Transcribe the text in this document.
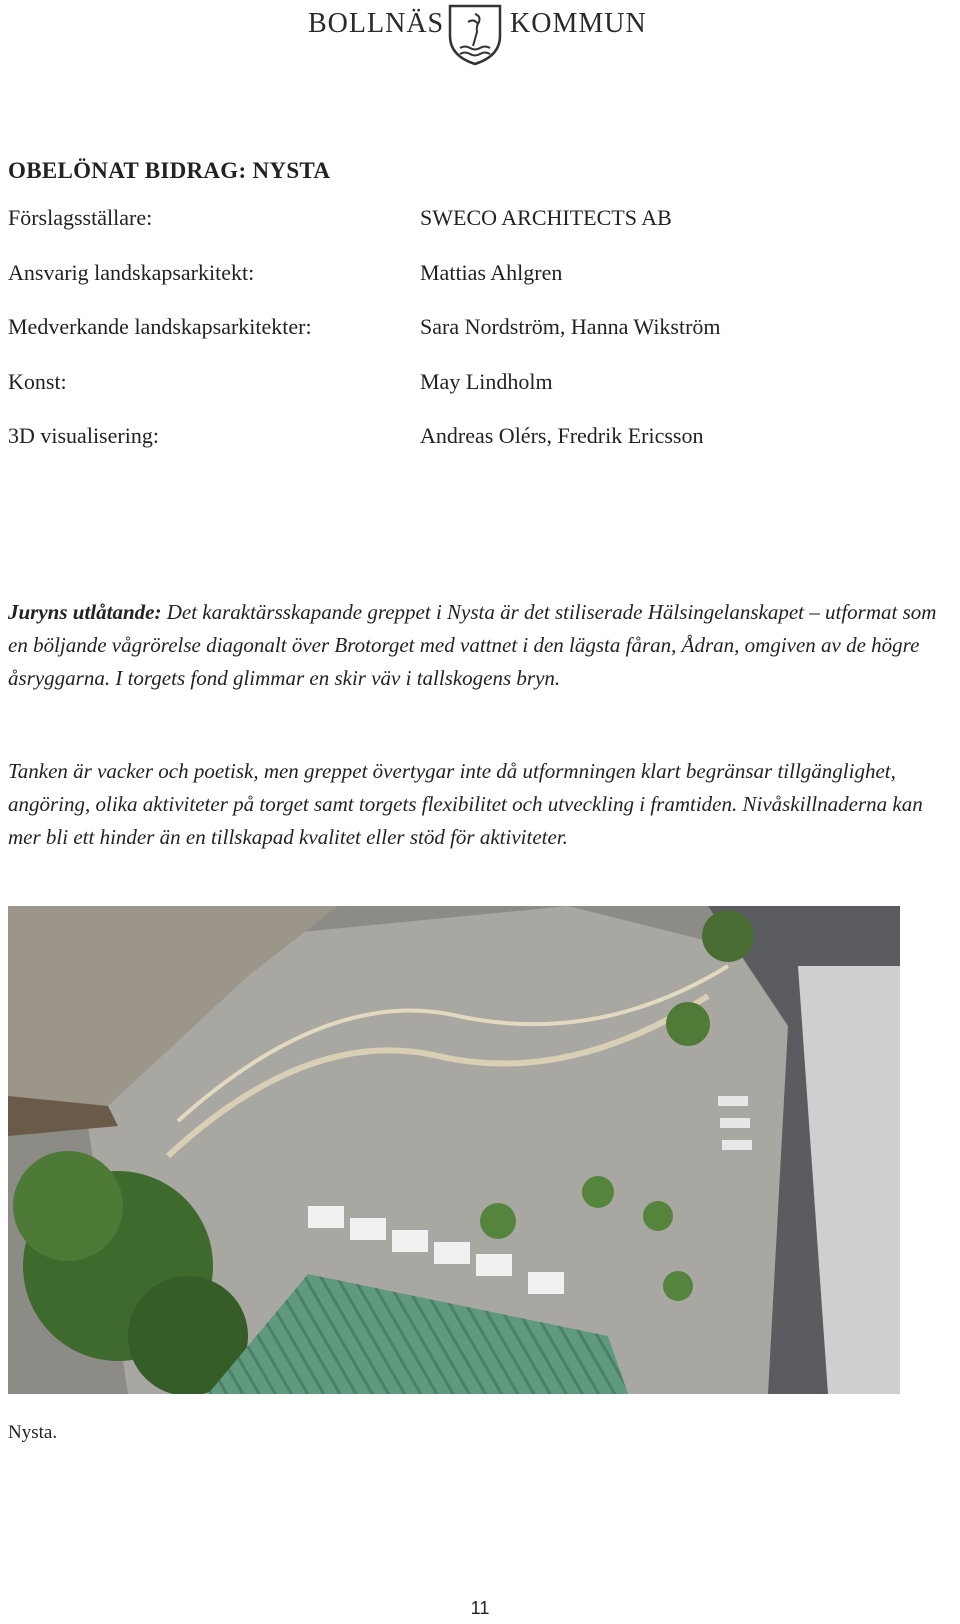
BOLLNÄS KOMMUN
OBELÖNAT BIDRAG: NYSTA
Förslagsställare:	SWECO ARCHITECTS AB
Ansvarig landskapsarkitekt:	Mattias Ahlgren
Medverkande landskapsarkitekter:	Sara Nordström, Hanna Wikström
Konst:	May Lindholm
3D visualisering:	Andreas Olérs, Fredrik Ericsson

Juryns utlåtande: Det karaktärsskapande greppet i Nysta är det stiliserade Hälsingelanskapet – utformat som en böljande vågrörelse diagonalt över Brotorget med vattnet i den lägsta fåran, Ådran, omgiven av de högre åsryggarna. I torgets fond glimmar en skir väv i tallskogens bryn.

Tanken är vacker och poetisk, men greppet övertygar inte då utformningen klart begränsar tillgänglighet, angöring, olika aktiviteter på torget samt torgets flexibilitet och utveckling i framtiden. Nivåskillnaderna kan mer bli ett hinder än en tillskapad kvalitet eller stöd för aktiviteter.

Nysta.
11
